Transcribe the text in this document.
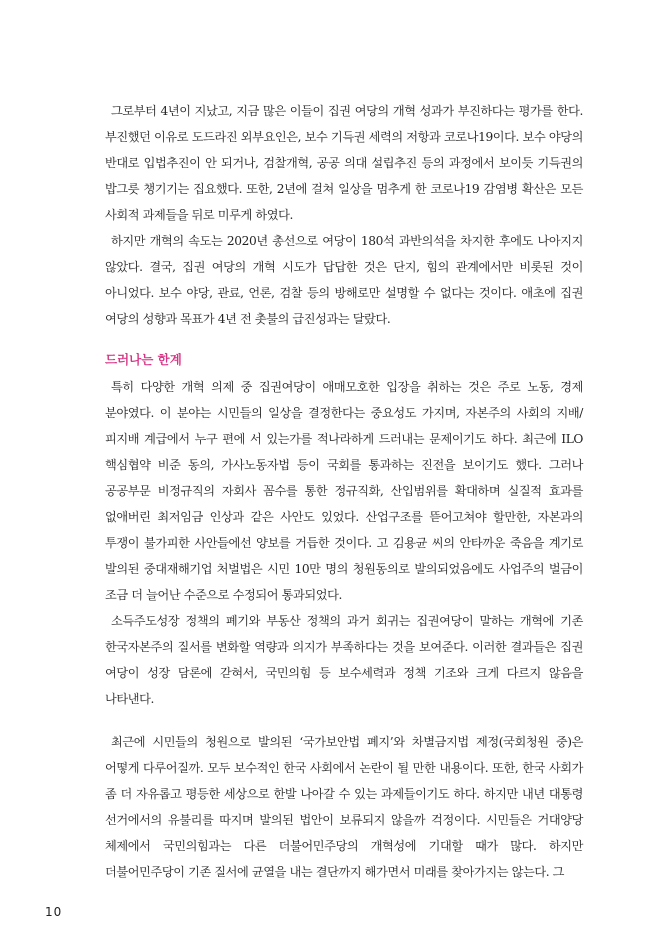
그로부터 4년이 지났고, 지금 많은 이들이 집권 여당의 개혁 성과가 부진하다는 평가를 한다. 부진했던 이유로 도드라진 외부요인은, 보수 기득권 세력의 저항과 코로나19이다. 보수 야당의 반대로 입법추진이 안 되거나, 검찰개혁, 공공 의대 설립추진 등의 과정에서 보이듯 기득권의 밥그릇 챙기기는 집요했다. 또한, 2년에 걸쳐 일상을 멈추게 한 코로나19 감염병 확산은 모든 사회적 과제들을 뒤로 미루게 하였다.

하지만 개혁의 속도는 2020년 총선으로 여당이 180석 과반의석을 차지한 후에도 나아지지 않았다. 결국, 집권 여당의 개혁 시도가 답답한 것은 단지, 힘의 관계에서만 비롯된 것이 아니었다. 보수 야당, 관료, 언론, 검찰 등의 방해로만 설명할 수 없다는 것이다. 애초에 집권 여당의 성향과 목표가 4년 전 촛불의 급진성과는 달랐다.

드러나는 한계

특히 다양한 개혁 의제 중 집권여당이 애매모호한 입장을 취하는 것은 주로 노동, 경제 분야였다. 이 분야는 시민들의 일상을 결정한다는 중요성도 가지며, 자본주의 사회의 지배/피지배 계급에서 누구 편에 서 있는가를 적나라하게 드러내는 문제이기도 하다. 최근에 ILO 핵심협약 비준 동의, 가사노동자법 등이 국회를 통과하는 진전을 보이기도 했다. 그러나 공공부문 비정규직의 자회사 꼼수를 통한 정규직화, 산입범위를 확대하며 실질적 효과를 없애버린 최저임금 인상과 같은 사안도 있었다. 산업구조를 뜯어고쳐야 할만한, 자본과의 투쟁이 불가피한 사안들에선 양보를 거듭한 것이다. 고 김용균 씨의 안타까운 죽음을 계기로 발의된 중대재해기업 처벌법은 시민 10만 명의 청원동의로 발의되었음에도 사업주의 벌금이 조금 더 늘어난 수준으로 수정되어 통과되었다.

소득주도성장 정책의 폐기와 부동산 정책의 과거 회귀는 집권여당이 말하는 개혁에 기존 한국자본주의 질서를 변화할 역량과 의지가 부족하다는 것을 보여준다. 이러한 결과들은 집권 여당이 성장 담론에 갇혀서, 국민의힘 등 보수세력과 정책 기조와 크게 다르지 않음을 나타낸다.

최근에 시민들의 청원으로 발의된 ‘국가보안법 폐지’와 차별금지법 제정(국회청원 중)은 어떻게 다루어질까. 모두 보수적인 한국 사회에서 논란이 될 만한 내용이다. 또한, 한국 사회가 좀 더 자유롭고 평등한 세상으로 한발 나아갈 수 있는 과제들이기도 하다. 하지만 내년 대통령 선거에서의 유불리를 따지며 발의된 법안이 보류되지 않을까 걱정이다. 시민들은 거대양당 체제에서 국민의힘과는 다른 더불어민주당의 개혁성에 기대할 때가 많다. 하지만 더불어민주당이 기존 질서에 균열을 내는 결단까지 해가면서 미래를 찾아가지는 않는다. 그

10
